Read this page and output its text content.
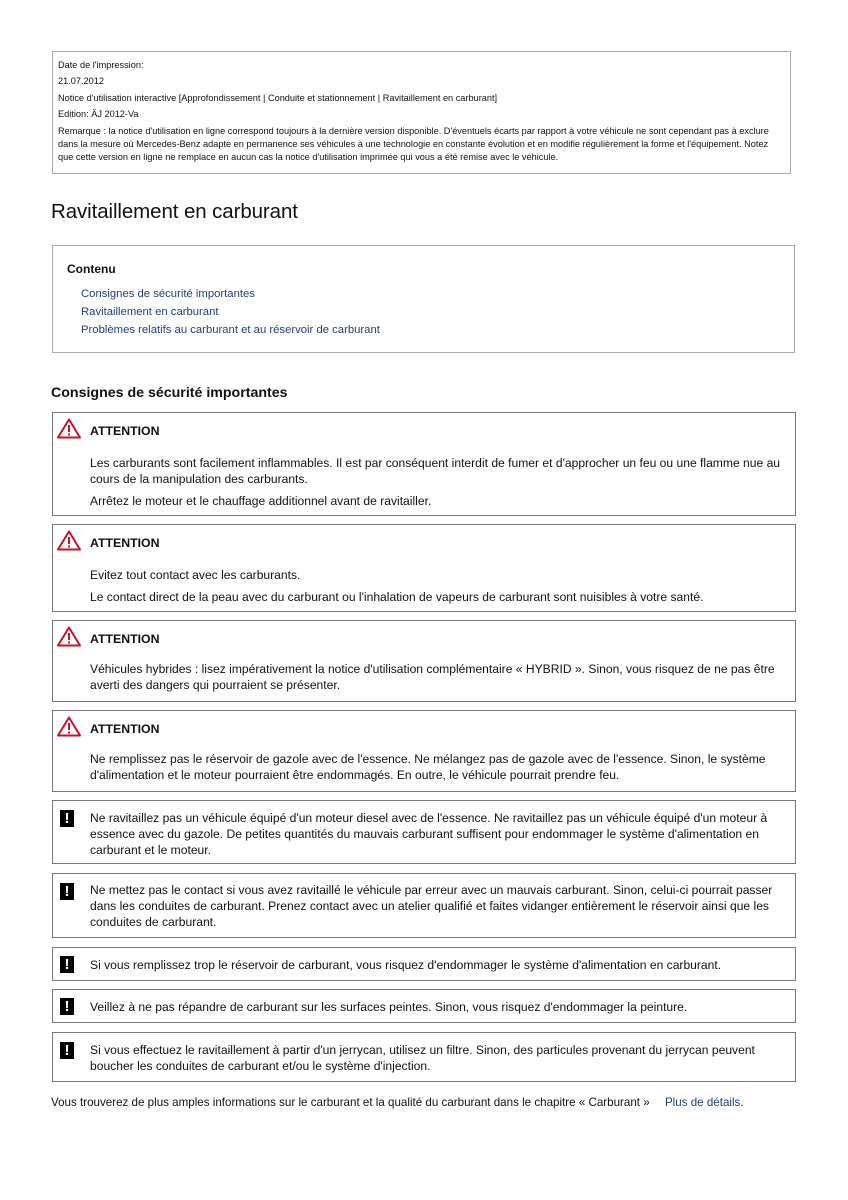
Date de l'impression:
21.07.2012
Notice d'utilisation interactive [Approfondissement | Conduite et stationnement | Ravitaillement en carburant]
Edition: ÄJ 2012-Va
Remarque : la notice d'utilisation en ligne correspond toujours à la dernière version disponible. D'éventuels écarts par rapport à votre véhicule ne sont cependant pas à exclure dans la mesure où Mercedes-Benz adapte en permanence ses véhicules à une technologie en constante évolution et en modifie régulièrement la forme et l'équipement. Notez que cette version en ligne ne remplace en aucun cas la notice d'utilisation imprimée qui vous a été remise avec le véhicule.
Ravitaillement en carburant
Contenu
Consignes de sécurité importantes
Ravitaillement en carburant
Problèmes relatifs au carburant et au réservoir de carburant
Consignes de sécurité importantes
ATTENTION

Les carburants sont facilement inflammables. Il est par conséquent interdit de fumer et d'approcher un feu ou une flamme nue au cours de la manipulation des carburants.

Arrêtez le moteur et le chauffage additionnel avant de ravitailler.

ATTENTION

Evitez tout contact avec les carburants.

Le contact direct de la peau avec du carburant ou l'inhalation de vapeurs de carburant sont nuisibles à votre santé.

ATTENTION

Véhicules hybrides : lisez impérativement la notice d'utilisation complémentaire « HYBRID ». Sinon, vous risquez de ne pas être averti des dangers qui pourraient se présenter.

ATTENTION

Ne remplissez pas le réservoir de gazole avec de l'essence. Ne mélangez pas de gazole avec de l'essence. Sinon, le système d'alimentation et le moteur pourraient être endommagés. En outre, le véhicule pourrait prendre feu.

!	Ne ravitaillez pas un véhicule équipé d'un moteur diesel avec de l'essence. Ne ravitaillez pas un véhicule équipé d'un moteur à essence avec du gazole. De petites quantités du mauvais carburant suffisent pour endommager le système d'alimentation en carburant et le moteur.
!	Ne mettez pas le contact si vous avez ravitaillé le véhicule par erreur avec un mauvais carburant. Sinon, celui-ci pourrait passer dans les conduites de carburant. Prenez contact avec un atelier qualifié et faites vidanger entièrement le réservoir ainsi que les conduites de carburant.
!	Si vous remplissez trop le réservoir de carburant, vous risquez d'endommager le système d'alimentation en carburant.
!	Veillez à ne pas répandre de carburant sur les surfaces peintes. Sinon, vous risquez d'endommager la peinture.
!	Si vous effectuez le ravitaillement à partir d'un jerrycan, utilisez un filtre. Sinon, des particules provenant du jerrycan peuvent boucher les conduites de carburant et/ou le système d'injection.
Vous trouverez de plus amples informations sur le carburant et la qualité du carburant dans le chapitre « Carburant » Plus de détails.
